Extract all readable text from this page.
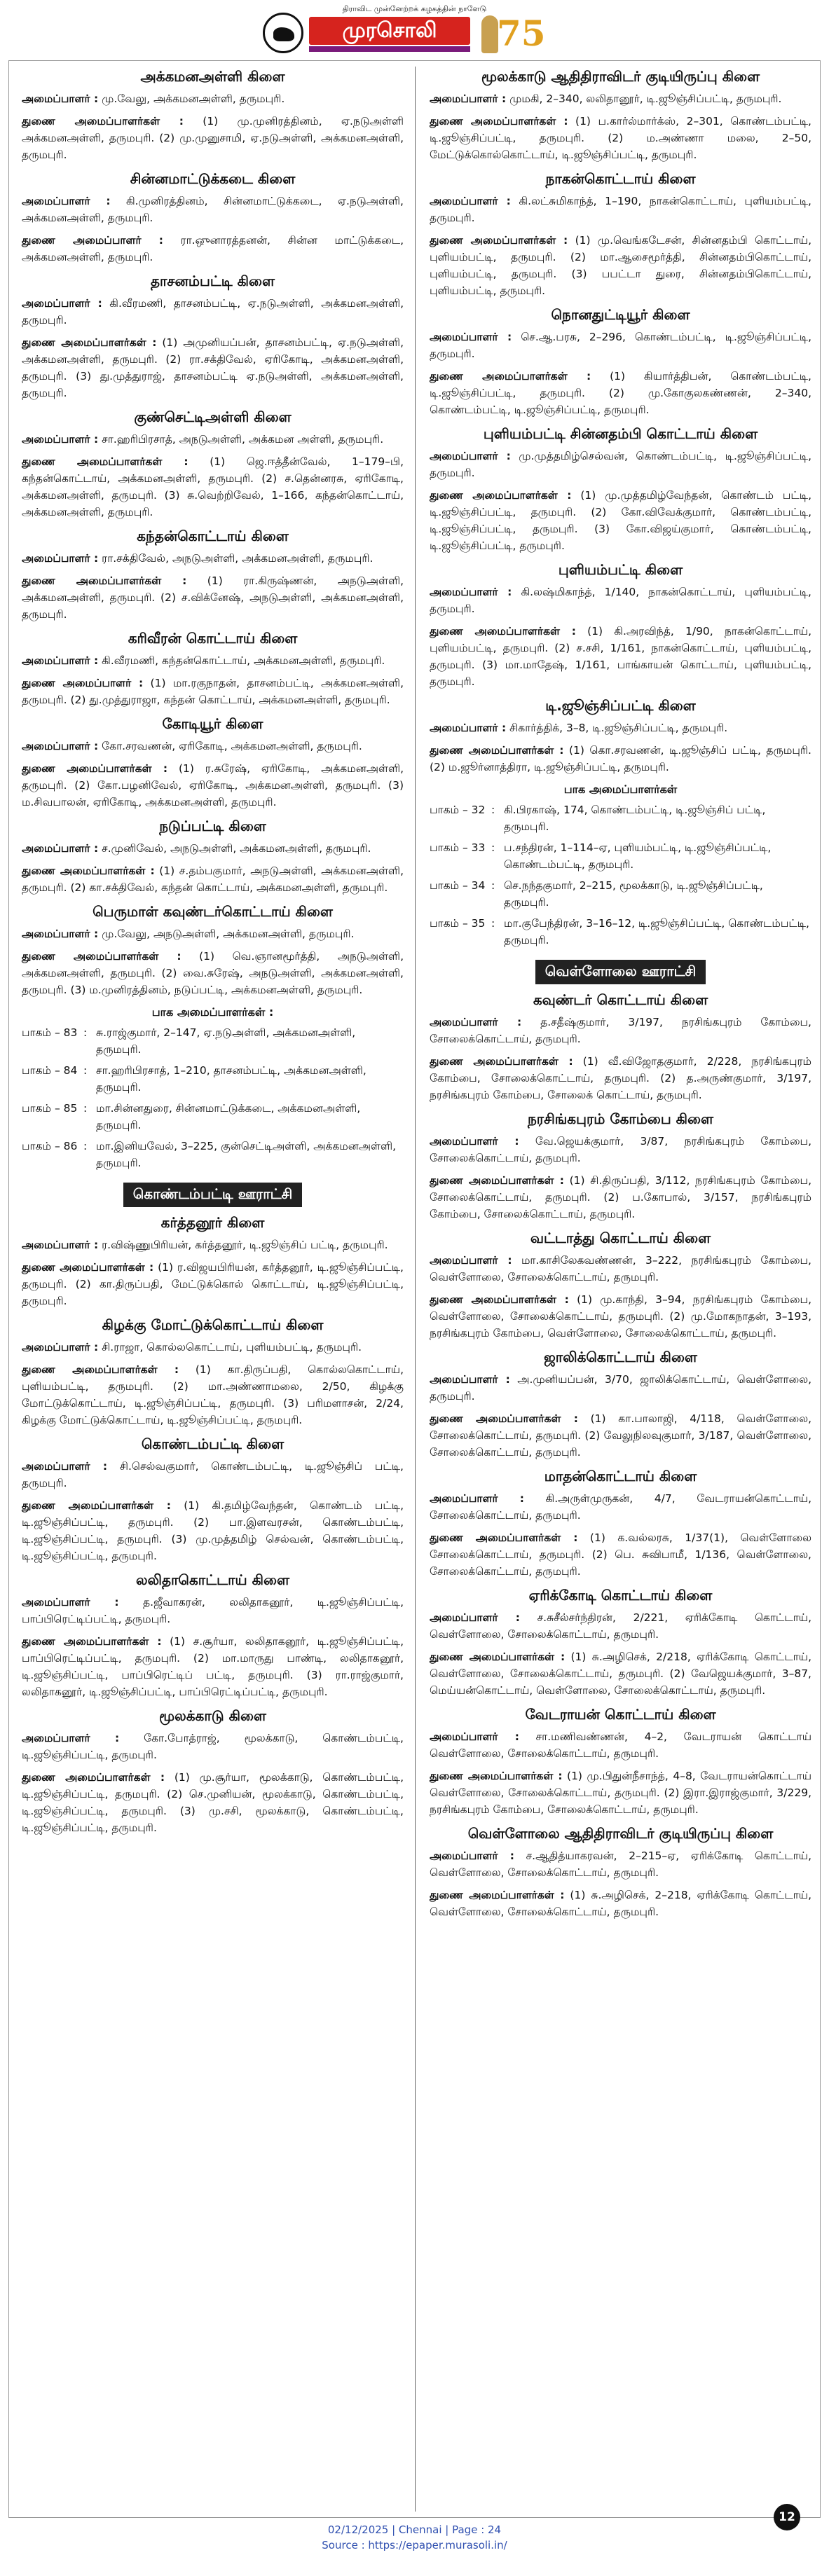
திராவிட முன்னேற்றக் கழகத்தின் நாளேடு
முரசொலி	75
அக்கமனஅள்ளி கிளை

அமைப்பாளர் : மு.வேலு, அக்கமனஅள்ளி, தருமபுரி.

துணை அமைப்பாளர்கள் : (1) மு.முனிரத்தினம், ஏ.நடுஅள்ளி அக்கமனஅள்ளி, தருமபுரி. (2) மு.முனுசாமி, ஏ.நடுஅள்ளி, அக்கமனஅள்ளி, தருமபுரி.

சின்னமாட்டுக்கடை கிளை

அமைப்பாளர் : கி.முனிரத்தினம், சின்னமாட்டுக்கடை, ஏ.நடுஅள்ளி, அக்கமனஅள்ளி, தருமபுரி.

துணை அமைப்பாளர் : ரா.ஒுனாரத்தனன், சின்ன மாட்டுக்கடை, அக்கமனஅள்ளி, தருமபுரி.

தாசனம்பட்டி கிளை

அமைப்பாளர் : கி.வீரமணி, தாசனம்பட்டி, ஏ.நடுஅள்ளி, அக்கமனஅள்ளி, தருமபுரி.

துணை அமைப்பாளர்கள் : (1) அமுனியப்பன், தாசனம்பட்டி, ஏ.நடுஅள்ளி, அக்கமனஅள்ளி, தருமபுரி. (2) ரா.சக்திவேல், ஏரிகோடி, அக்கமனஅள்ளி, தருமபுரி. (3) து.முத்துராஜ், தாசனம்பட்டி ஏ.நடுஅள்ளி, அக்கமனஅள்ளி, தருமபுரி.

குண்செட்டிஅள்ளி கிளை

அமைப்பாளர் : சா.ஹரிபிரசாத், அநடுஅள்ளி, அக்கமன அள்ளி, தருமபுரி.

துணை அமைப்பாளர்கள் : (1) ஜெ.ஈத்தீன்வேல், 1–179–பி, கந்தன்கொட்டாய், அக்கமனஅள்ளி, தருமபுரி. (2) ச.தென்னரசு, ஏரிகோடி, அக்கமனஅள்ளி, தருமபுரி. (3) சு.வெற்றிவேல், 1–166, கந்தன்கொட்டாய், அக்கமனஅள்ளி, தருமபுரி.

கந்தன்கொட்டாய் கிளை

அமைப்பாளர் : ரா.சக்திவேல், அநடுஅள்ளி, அக்கமனஅள்ளி, தருமபுரி.

துணை அமைப்பாளர்கள் : (1) ரா.கிருஷ்ணன், அநடுஅள்ளி, அக்கமனஅள்ளி, தருமபுரி. (2) ச.விக்னேஷ், அநடுஅள்ளி, அக்கமனஅள்ளி, தருமபுரி.

கரிவீரன் கொட்டாய் கிளை

அமைப்பாளர் : கி.வீரமணி, கந்தன்கொட்டாய், அக்கமனஅள்ளி, தருமபுரி.

துணை அமைப்பாளர் : (1) மா.ரகுநாதன், தாசனம்பட்டி, அக்கமனஅள்ளி, தருமபுரி. (2) து.முத்துராஜா, கந்தன் கொட்டாய், அக்கமனஅள்ளி, தருமபுரி.

கோடியூர் கிளை

அமைப்பாளர் : கோ.சரவணன், ஏரிகோடி, அக்கமனஅள்ளி, தருமபுரி.

துணை அமைப்பாளர்கள் : (1) ர.சுரேஷ், ஏரிகோடி, அக்கமனஅள்ளி, தருமபுரி. (2) கோ.பழனிவேல், ஏரிகோடி, அக்கமனஅள்ளி, தருமபுரி. (3) ம.சிவபாலன், ஏரிகோடி, அக்கமனஅள்ளி, தருமபுரி.

நடுப்பட்டி கிளை

அமைப்பாளர் : ச.முனிவேல், அநடுஅள்ளி, அக்கமனஅள்ளி, தருமபுரி.

துணை அமைப்பாளர்கள் : (1) ச.தம்பகுமார், அநடுஅள்ளி, அக்கமனஅள்ளி, தருமபுரி. (2) கா.சக்திவேல், கந்தன் கொட்டாய், அக்கமனஅள்ளி, தருமபுரி.

பெருமாள் கவுண்டர்கொட்டாய் கிளை

அமைப்பாளர் : மு.வேலு, அநடுஅள்ளி, அக்கமனஅள்ளி, தருமபுரி.

துணை அமைப்பாளர்கள் : (1) வெ.ஞானமூர்த்தி, அநடுஅள்ளி, அக்கமனஅள்ளி, தருமபுரி. (2) வை.சுரேஷ், அநடுஅள்ளி, அக்கமனஅள்ளி, தருமபுரி. (3) ம.முனிரத்தினம், நடுப்பட்டி, அக்கமனஅள்ளி, தருமபுரி.

பாக அமைப்பாளர்கள் :
பாகம் – 83 : சு.ராஜ்குமார், 2–147, ஏ.நடுஅள்ளி, அக்கமனஅள்ளி, தருமபுரி.
பாகம் – 84 : சா.ஹரிபிரசாத், 1–210, தாசனம்பட்டி, அக்கமனஅள்ளி, தருமபுரி.
பாகம் – 85 : மா.சின்னதுரை, சின்னமாட்டுக்கடை, அக்கமனஅள்ளி, தருமபுரி.
பாகம் – 86 : மா.இனியவேல், 3–225, குன்செட்டிஅள்ளி, அக்கமனஅள்ளி, தருமபுரி.
கொண்டம்பட்டி ஊராட்சி
கர்த்தனூர் கிளை

அமைப்பாளர் : ர.விஷ்ணுபிரியன், கர்த்தனூர், டி.ஜூஞ்சிப் பட்டி, தருமபுரி.

துணை அமைப்பாளர்கள் : (1) ர.விஜயபிரியன், கர்த்தனூர், டி.ஜூஞ்சிப்பட்டி, தருமபுரி. (2) கா.திருப்பதி, மேட்டுக்கொல் கொட்டாய், டி.ஜூஞ்சிப்பட்டி, தருமபுரி.

கிழக்கு மோட்டுக்கொட்டாய் கிளை

அமைப்பாளர் : சி.ராஜா, கொல்லகொட்டாய், புளியம்பட்டி, தருமபுரி.

துணை அமைப்பாளர்கள் : (1) கா.திருப்பதி, கொல்லகொட்டாய், புளியம்பட்டி, தருமபுரி. (2) மா.அண்ணாமலை, 2/50, கிழக்கு மோட்டுக்கொட்டாய், டி.ஜூஞ்சிப்பட்டி, தருமபுரி. (3) பரிமளாசன், 2/24, கிழக்கு மோட்டுக்கொட்டாய், டி.ஜூஞ்சிப்பட்டி, தருமபுரி.

கொண்டம்பட்டி கிளை

அமைப்பாளர் : சி.செல்வகுமார், கொண்டம்பட்டி, டி.ஜூஞ்சிப் பட்டி, தருமபுரி.

துணை அமைப்பாளர்கள் : (1) கி.தமிழ்வேந்தன், கொண்டம் பட்டி, டி.ஜூஞ்சிப்பட்டி, தருமபுரி. (2) பா.இளவரசன், கொண்டம்பட்டி, டி.ஜூஞ்சிப்பட்டி, தருமபுரி. (3) மு.முத்தமிழ் செல்வன், கொண்டம்பட்டி, டி.ஜூஞ்சிப்பட்டி, தருமபுரி.

லலிதாகொட்டாய் கிளை

அமைப்பாளர் : த.ஜீவாகரன், லலிதாகனூர், டி.ஜூஞ்சிப்பட்டி, பாப்பிரெட்டிப்பட்டி, தருமபுரி.

துணை அமைப்பாளர்கள் : (1) ச.சூர்யா, லலிதாகனூர், டி.ஜூஞ்சிப்பட்டி, பாப்பிரெட்டிப்பட்டி, தருமபுரி. (2) மா.மாருது பாண்டி, லலிதாகனூர், டி.ஜூஞ்சிப்பட்டி, பாப்பிரெட்டிப் பட்டி, தருமபுரி. (3) ரா.ராஜ்குமார், லலிதாகனூர், டி.ஜூஞ்சிப்பட்டி, பாப்பிரெட்டிப்பட்டி, தருமபுரி.

மூலக்காடு கிளை

அமைப்பாளர் : கோ.போத்ராஜ், மூலக்காடு, கொண்டம்பட்டி, டி.ஜூஞ்சிப்பட்டி, தருமபுரி.

துணை அமைப்பாளர்கள் : (1) மு.சூர்யா, மூலக்காடு, கொண்டம்பட்டி, டி.ஜூஞ்சிப்பட்டி, தருமபுரி. (2) செ.முனியன், மூலக்காடு, கொண்டம்பட்டி, டி.ஜூஞ்சிப்பட்டி, தருமபுரி. (3) மு.சசி, மூலக்காடு, கொண்டம்பட்டி, டி.ஜூஞ்சிப்பட்டி, தருமபுரி.

மூலக்காடு ஆதிதிராவிடர் குடியிருப்பு கிளை

அமைப்பாளர் : முமகி, 2–340, லலிதானூர், டி.ஜூஞ்சிப்பட்டி, தருமபுரி.

துணை அமைப்பாளர்கள் : (1) ப.கார்ல்மார்க்ஸ், 2–301, கொண்டம்பட்டி, டி.ஜூஞ்சிப்பட்டி, தருமபுரி. (2) ம.அண்ணா மலை, 2–50, மேட்டுக்கொல்கொட்டாய், டி.ஜூஞ்சிப்பட்டி, தருமபுரி.

நாகன்கொட்டாய் கிளை

அமைப்பாளர் : கி.லட்சுமிகாந்த், 1–190, நாகன்கொட்டாய், புளியம்பட்டி, தருமபுரி.

துணை அமைப்பாளர்கள் : (1) மு.வெங்கடேசன், சின்னதம்பி கொட்டாய், புளியம்பட்டி, தருமபுரி. (2) மா.ஆசைமூர்த்தி, சின்னதம்பிகொட்டாய், புளியம்பட்டி, தருமபுரி. (3) பபட்டா துரை, சின்னதம்பிகொட்டாய், புளியம்பட்டி, தருமபுரி.

நொனதுட்டியூர் கிளை

அமைப்பாளர் : செ.ஆ.பரசு, 2–296, கொண்டம்பட்டி, டி.ஜூஞ்சிப்பட்டி, தருமபுரி.

துணை அமைப்பாளர்கள் : (1) கியார்த்திபன், கொண்டம்பட்டி, டி.ஜூஞ்சிப்பட்டி, தருமபுரி. (2) மு.கோகுலகண்ணன், 2–340, கொண்டம்பட்டி, டி.ஜூஞ்சிப்பட்டி, தருமபுரி.

புளியம்பட்டி சின்னதம்பி கொட்டாய் கிளை

அமைப்பாளர் : மு.முத்தமிழ்செல்வன், கொண்டம்பட்டி, டி.ஜூஞ்சிப்பட்டி, தருமபுரி.

துணை அமைப்பாளர்கள் : (1) மு.முத்தமிழ்வேந்தன், கொண்டம் பட்டி, டி.ஜூஞ்சிப்பட்டி, தருமபுரி. (2) கோ.விவேக்குமார், கொண்டம்பட்டி, டி.ஜூஞ்சிப்பட்டி, தருமபுரி. (3) கோ.விஜய்குமார், கொண்டம்பட்டி, டி.ஜூஞ்சிப்பட்டி, தருமபுரி.

புளியம்பட்டி கிளை

அமைப்பாளர் : கி.லஷ்மிகாந்த், 1/140, நாகன்கொட்டாய், புளியம்பட்டி, தருமபுரி.

துணை அமைப்பாளர்கள் : (1) கி.அரவிந்த், 1/90, நாகன்கொட்டாய், புளியம்பட்டி, தருமபுரி. (2) ச.சசி, 1/161, நாகன்கொட்டாய், புளியம்பட்டி, தருமபுரி. (3) மா.மாதேஷ், 1/161, பாங்காயன் கொட்டாய், புளியம்பட்டி, தருமபுரி.

டி.ஜூஞ்சிப்பட்டி கிளை

அமைப்பாளர் : சிகார்த்திக், 3–8, டி.ஜூஞ்சிப்பட்டி, தருமபுரி.

துணை அமைப்பாளர்கள் : (1) கொ.சரவணன், டி.ஜூஞ்சிப் பட்டி, தருமபுரி. (2) ம.ஜூர்னாத்திரா, டி.ஜூஞ்சிப்பட்டி, தருமபுரி.

பாக அமைப்பாளர்கள்
பாகம் – 32 : கி.பிரகாஷ், 174, கொண்டம்பட்டி, டி.ஜூஞ்சிப் பட்டி, தருமபுரி.
பாகம் – 33 : ப.சந்திரன், 1–114–ஏ, புளியம்பட்டி, டி.ஜூஞ்சிப்பட்டி, கொண்டம்பட்டி, தருமபுரி.
பாகம் – 34 : செ.நந்தகுமார், 2–215, மூலக்காடு, டி.ஜூஞ்சிப்பட்டி, தருமபுரி.
பாகம் – 35 : மா.குபேந்திரன், 3–16–12, டி.ஜூஞ்சிப்பட்டி, கொண்டம்பட்டி, தருமபுரி.
வெள்ளோலை ஊராட்சி
கவுண்டர் கொட்டாய் கிளை

அமைப்பாளர் : த.சதீஷ்குமார், 3/197, நரசிங்கபுரம் கோம்பை, சோலைக்கொட்டாய், தருமபுரி.

துணை அமைப்பாளர்கள் : (1) வீ.விஜோதகுமார், 2/228, நரசிங்கபுரம் கோம்பை, சோலைக்கொட்டாய், தருமபுரி. (2) த.அருண்குமார், 3/197, நரசிங்கபுரம் கோம்பை, சோலைக் கொட்டாய், தருமபுரி.

நரசிங்கபுரம் கோம்பை கிளை

அமைப்பாளர் : வே.ஜெயக்குமார், 3/87, நரசிங்கபுரம் கோம்பை, சோலைக்கொட்டாய், தருமபுரி.

துணை அமைப்பாளர்கள் : (1) சி.திருப்பதி, 3/112, நரசிங்கபுரம் கோம்பை, சோலைக்கொட்டாய், தருமபுரி. (2) ப.கோபால், 3/157, நரசிங்கபுரம் கோம்பை, சோலைக்கொட்டாய், தருமபுரி.

வட்டாத்து கொட்டாய் கிளை

அமைப்பாளர் : மா.காசிலேகவண்ணன், 3–222, நரசிங்கபுரம் கோம்பை, வெள்ளோலை, சோலைக்கொட்டாய், தருமபுரி.

துணை அமைப்பாளர்கள் : (1) மு.காந்தி, 3–94, நரசிங்கபுரம் கோம்பை, வெள்ளோலை, சோலைக்கொட்டாய், தருமபுரி. (2) மு.மோகநாதன், 3–193, நரசிங்கபுரம் கோம்பை, வெள்ளோலை, சோலைக்கொட்டாய், தருமபுரி.

ஜாலிக்கொட்டாய் கிளை

அமைப்பாளர் : அ.முனியப்பன், 3/70, ஜாலிக்கொட்டாய், வெள்ளோலை, தருமபுரி.

துணை அமைப்பாளர்கள் : (1) கா.பாலாஜி, 4/118, வெள்ளோலை, சோலைக்கொட்டாய், தருமபுரி. (2) வேலுநிலவுகுமார், 3/187, வெள்ளோலை, சோலைக்கொட்டாய், தருமபுரி.

மாதன்கொட்டாய் கிளை

அமைப்பாளர் : கி.அருள்முருகன், 4/7, வேடராயன்கொட்டாய், சோலைக்கொட்டாய், தருமபுரி.

துணை அமைப்பாளர்கள் : (1) க.வல்லரசு, 1/37(1), வெள்ளோலை சோலைக்கொட்டாய், தருமபுரி. (2) பெ. சுவிபாமீ, 1/136, வெள்ளோலை, சோலைக்கொட்டாய், தருமபுரி.

ஏரிக்கோடி கொட்டாய் கிளை

அமைப்பாளர் : ச.சுசீல்சர்ந்திரன், 2/221, ஏரிக்கோடி கொட்டாய், வெள்ளோலை, சோலைக்கொட்டாய், தருமபுரி.

துணை அமைப்பாளர்கள் : (1) சு.அழிசெக், 2/218, ஏரிக்கோடி கொட்டாய், வெள்ளோலை, சோலைக்கொட்டாய், தருமபுரி. (2) வேஜெயக்குமார், 3–87, மெய்யன்கொட்டாய், வெள்ளோலை, சோலைக்கொட்டாய், தருமபுரி.

வேடராயன் கொட்டாய் கிளை

அமைப்பாளர் : சா.மணிவண்ணன், 4–2, வேடராயன் கொட்டாய் வெள்ளோலை, சோலைக்கொட்டாய், தருமபுரி.

துணை அமைப்பாளர்கள் : (1) மு.பிதுன்நீசாந்த், 4–8, வேடராயன்கொட்டாய் வெள்ளோலை, சோலைக்கொட்டாய், தருமபுரி. (2) இரா.இராஜ்குமார், 3/229, நரசிங்கபுரம் கோம்பை, சோலைக்கொட்டாய், தருமபுரி.

வெள்ளோலை ஆதிதிராவிடர் குடியிருப்பு கிளை

அமைப்பாளர் : ச.ஆதித்யாகரவன், 2–215–ஏ, ஏரிக்கோடி கொட்டாய், வெள்ளோலை, சோலைக்கொட்டாய், தருமபுரி.

துணை அமைப்பாளர்கள் : (1) சு.அழிசெக், 2–218, ஏரிக்கோடி கொட்டாய், வெள்ளோலை, சோலைக்கொட்டாய், தருமபுரி.

12
02/12/2025 | Chennai | Page : 24
Source : https://epaper.murasoli.in/
